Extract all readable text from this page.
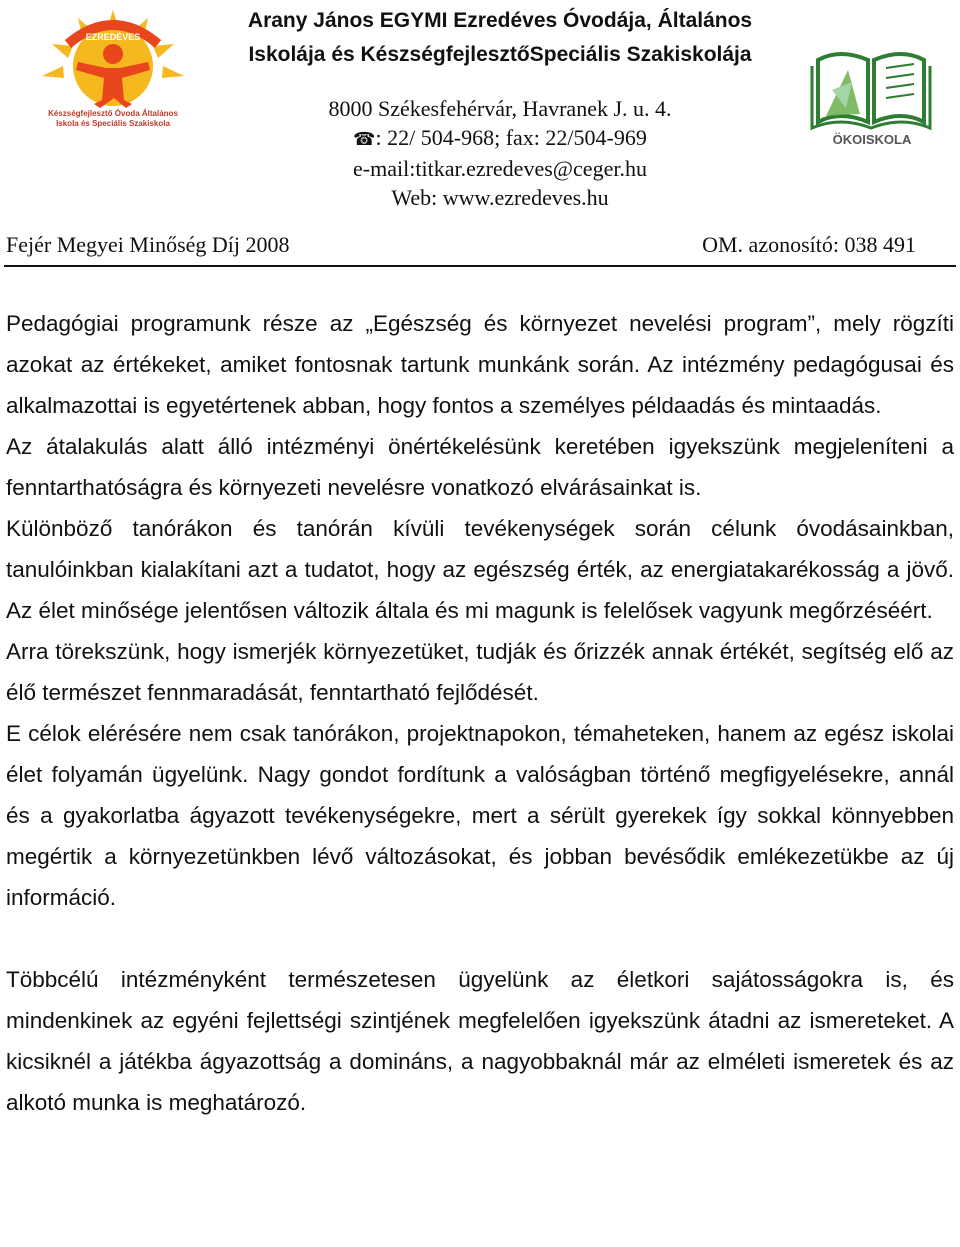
EZREDÉVES
Készségfejlesztő Óvoda Általános
Iskola és Speciális Szakiskola
Arany János EGYMI Ezredéves Óvodája, Általános
Iskolája és KészségfejlesztőSpeciális Szakiskolája
8000 Székesfehérvár, Havranek J. u. 4.
☎: 22/ 504-968; fax: 22/504-969
e-mail:titkar.ezredeves@ceger.hu
Web: www.ezredeves.hu
ÖKOISKOLA
Fejér Megyei Minőség Díj 2008	OM. azonosító: 038 491

Pedagógiai programunk része az „Egészség és környezet nevelési program”, mely rögzíti azokat az értékeket, amiket fontosnak tartunk munkánk során. Az intézmény pedagógusai és alkalmazottai is egyetértenek abban, hogy fontos a személyes példaadás és mintaadás.

Az átalakulás alatt álló intézményi önértékelésünk keretében igyekszünk megjeleníteni a fenntarthatóságra és környezeti nevelésre vonatkozó elvárásainkat is.

Különböző tanórákon és tanórán kívüli tevékenységek során célunk óvodásainkban, tanulóinkban kialakítani azt a tudatot, hogy az egészség érték, az energiatakarékosság a jövő. Az élet minősége jelentősen változik általa és mi magunk is felelősek vagyunk megőrzéséért.

Arra törekszünk, hogy ismerjék környezetüket, tudják és őrizzék annak értékét, segítség elő az élő természet fennmaradását, fenntartható fejlődését.

E célok elérésére nem csak tanórákon, projektnapokon, témaheteken, hanem az egész iskolai élet folyamán ügyelünk. Nagy gondot fordítunk a valóságban történő megfigyelésekre, annál és a gyakorlatba ágyazott tevékenységekre, mert a sérült gyerekek így sokkal könnyebben megértik a környezetünkben lévő változásokat, és jobban bevésődik emlékezetükbe az új információ.

Többcélú intézményként természetesen ügyelünk az életkori sajátosságokra is, és mindenkinek az egyéni fejlettségi szintjének megfelelően igyekszünk átadni az ismereteket. A kicsiknél a játékba ágyazottság a domináns, a nagyobbaknál már az elméleti ismeretek és az alkotó munka is meghatározó.
